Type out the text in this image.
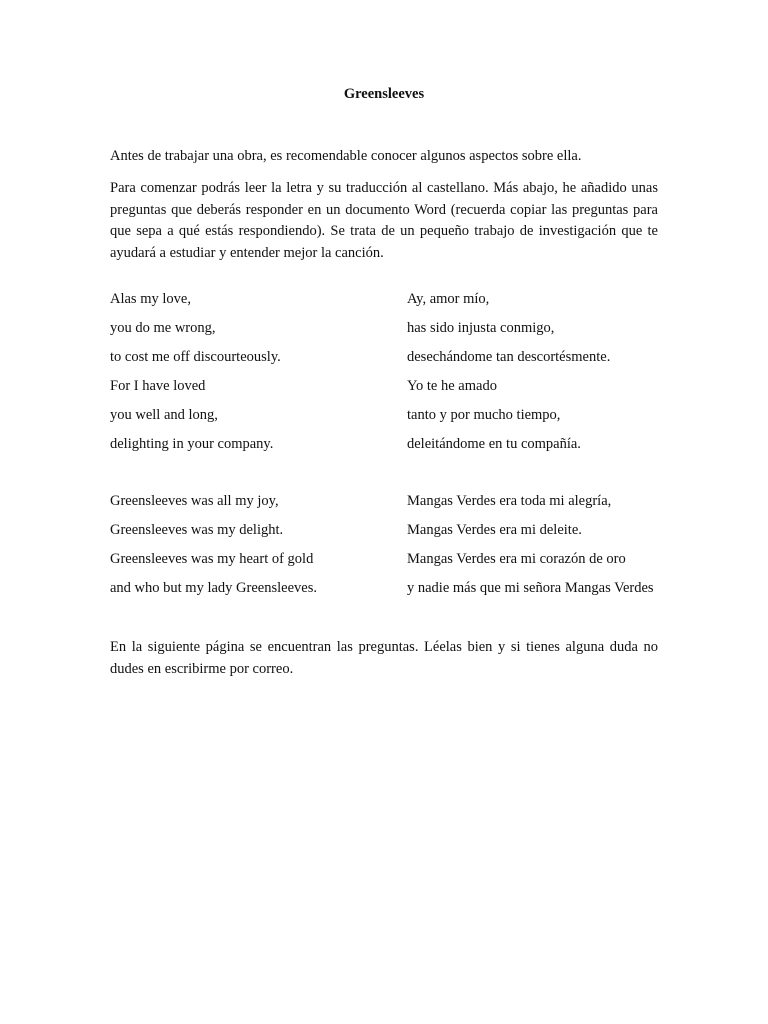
Greensleeves
Antes de trabajar una obra, es recomendable conocer algunos aspectos sobre ella.
Para comenzar podrás leer la letra y su traducción al castellano. Más abajo, he añadido unas preguntas que deberás responder en un documento Word (recuerda copiar las preguntas para que sepa a qué estás respondiendo). Se trata de un pequeño trabajo de investigación que te ayudará a estudiar y entender mejor la canción.
Alas my love,	Ay, amor mío,
you do me wrong,	has sido injusta conmigo,
to cost me off discourteously.	desechándome tan descortésmente.
For I have loved	Yo te he amado
you well and long,	tanto y por mucho tiempo,
delighting in your company.	deleitándome en tu compañía.
Greensleeves was all my joy,	Mangas Verdes era toda mi alegría,
Greensleeves was my delight.	Mangas Verdes era mi deleite.
Greensleeves was my heart of gold	Mangas Verdes era mi corazón de oro
and who but my lady Greensleeves.	y nadie más que mi señora Mangas Verdes
En la siguiente página se encuentran las preguntas. Léelas bien y si tienes alguna duda no dudes en escribirme por correo.
